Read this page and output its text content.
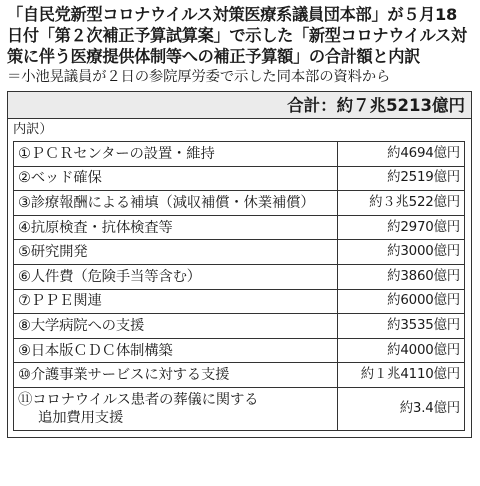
「自民党新型コロナウイルス対策医療系議員団本部」が５月18日付「第２次補正予算試算案」で示した「新型コロナウイルス対策に伴う医療提供体制等への補正予算額」の合計額と内訳

＝小池晃議員が２日の参院厚労委で示した同本部の資料から

合計：約７兆5213億円
内訳）
①ＰＣＲセンターの設置・維持	約4694億円
②ベッド確保	約2519億円
③診療報酬による補填（減収補償・休業補償）	約３兆522億円
④抗原検査・抗体検査等	約2970億円
⑤研究開発	約3000億円
⑥人件費（危険手当等含む）	約3860億円
⑦ＰＰＥ関連	約6000億円
⑧大学病院への支援	約3535億円
⑨日本版ＣＤＣ体制構築	約4000億円
⑩介護事業サービスに対する支援	約１兆4110億円
⑪コロナウイルス患者の葬儀に関する
追加費用支援	約3.4億円
